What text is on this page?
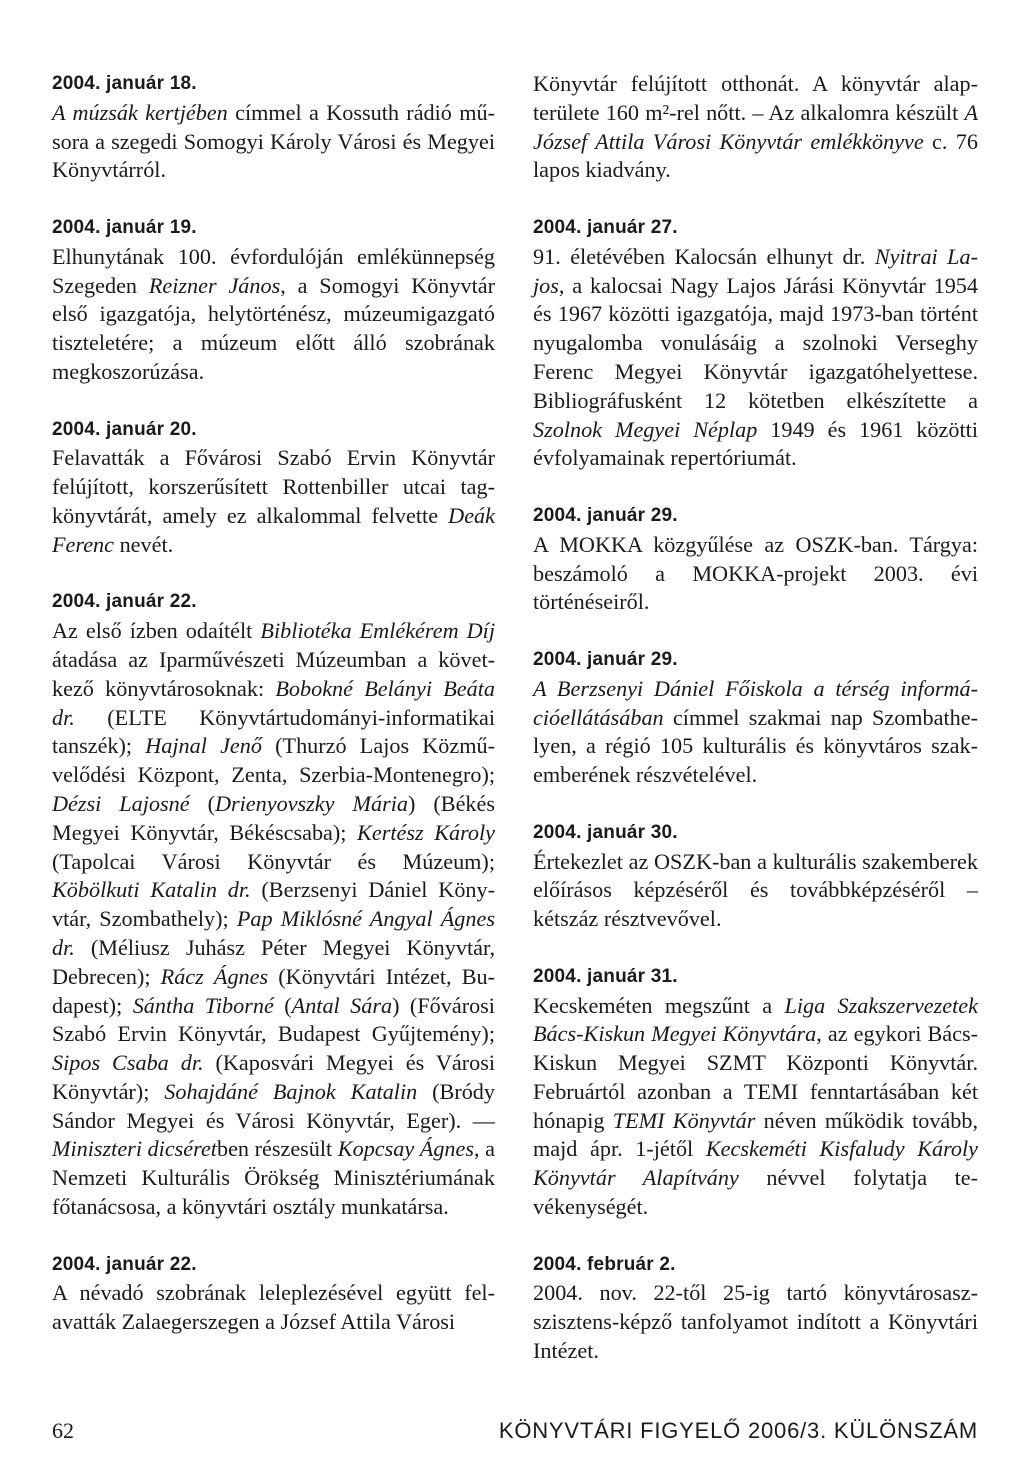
2004. január 18.
A múzsák kertjében címmel a Kossuth rádió műsora a szegedi Somogyi Károly Városi és Megyei Könyvtárról.
2004. január 19.
Elhunytának 100. évfordulóján emlékünnepség Szegeden Reizner János, a Somogyi Könyvtár első igazgatója, helytörténész, múzeumigazgató tiszteletére; a múzeum előtt álló szobrának megkoszorúzása.
2004. január 20.
Felavatták a Fővárosi Szabó Ervin Könyvtár felújított, korszerűsített Rottenbiller utcai tagkönyvtárát, amely ez alkalommal felvette Deák Ferenc nevét.
2004. január 22.
Az első ízben odaítélt Bibliotéka Emlékérem Díj átadása az Iparművészeti Múzeumban a következő könyvtárosoknak: Bobokné Belányi Beáta dr. (ELTE Könyvtártudományi-informatikai tanszék); Hajnal Jenő (Thurzó Lajos Közművelődési Központ, Zenta, Szerbia-Montenegro); Dézsi Lajosné (Drienyovszky Mária) (Békés Megyei Könyvtár, Békéscsaba); Kertész Károly (Tapolcai Városi Könyvtár és Múzeum); Köbölkuti Katalin dr. (Berzsenyi Dániel Könyvtár, Szombathely); Pap Miklósné Angyal Ágnes dr. (Méliusz Juhász Péter Megyei Könyvtár, Debrecen); Rácz Ágnes (Könyvtári Intézet, Budapest); Sántha Tiborné (Antal Sára) (Fővárosi Szabó Ervin Könyvtár, Budapest Gyűjtemény); Sipos Csaba dr. (Kaposvári Megyei és Városi Könyvtár); Sohajdáné Bajnok Katalin (Bródy Sándor Megyei és Városi Könyvtár, Eger). — Miniszteri dicséretben részesült Kopcsay Ágnes, a Nemzeti Kulturális Örökség Minisztériumának főtanácsosa, a könyvtári osztály munkatársa.
2004. január 22.
A névadó szobrának leleplezésével együtt felavatták Zalaegerszegen a József Attila Városi
Könyvtár felújított otthonát. A könyvtár alapterülete 160 m²-rel nőtt. – Az alkalomra készült A József Attila Városi Könyvtár emlékkönyve c. 76 lapos kiadvány.
2004. január 27.
91. életévében Kalocsán elhunyt dr. Nyitrai Lajos, a kalocsai Nagy Lajos Járási Könyvtár 1954 és 1967 közötti igazgatója, majd 1973-ban történt nyugalomba vonulásáig a szolnoki Verseghy Ferenc Megyei Könyvtár igazgatóhelyettese. Bibliográfusként 12 kötetben elkészítette a Szolnok Megyei Néplap 1949 és 1961 közötti évfolyamainak repertóriumát.
2004. január 29.
A MOKKA közgyűlése az OSZK-ban. Tárgya: beszámoló a MOKKA-projekt 2003. évi történéseiről.
2004. január 29.
A Berzsenyi Dániel Főiskola a térség információellátásában címmel szakmai nap Szombathelyen, a régió 105 kulturális és könyvtáros szakemberének részvételével.
2004. január 30.
Értekezlet az OSZK-ban a kulturális szakemberek előírásos képzéséről és továbbképzéséről – kétszáz résztvevővel.
2004. január 31.
Kecskeméten megszűnt a Liga Szakszervezetek Bács-Kiskun Megyei Könyvtára, az egykori Bács-Kiskun Megyei SZMT Központi Könyvtár. Februártól azonban a TEMI fenntartásában két hónapig TEMI Könyvtár néven működik tovább, majd ápr. 1-jétől Kecskeméti Kisfaludy Károly Könyvtár Alapítvány névvel folytatja tevékenységét.
2004. február 2.
2004. nov. 22-től 25-ig tartó könyvtárosaszszisztens-képző tanfolyamot indított a Könyvtári Intézet.
62	KÖNYVTÁRI FIGYELŐ 2006/3. KÜLÖNSZÁM
